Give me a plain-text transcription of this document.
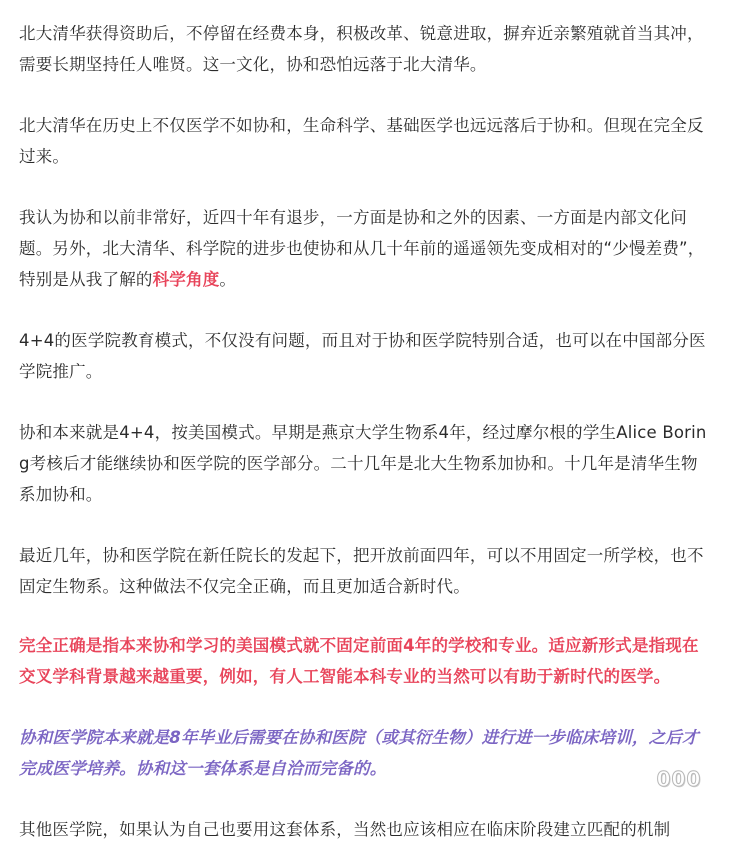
北大清华获得资助后，不停留在经费本身，积极改革、锐意进取，摒弃近亲繁殖就首当其冲，需要长期坚持任人唯贤。这一文化，协和恐怕远落于北大清华。

北大清华在历史上不仅医学不如协和，生命科学、基础医学也远远落后于协和。但现在完全反过来。

我认为协和以前非常好，近四十年有退步，一方面是协和之外的因素、一方面是内部文化问题。另外，北大清华、科学院的进步也使协和从几十年前的遥遥领先变成相对的“少慢差费”，特别是从我了解的科学角度。

4+4的医学院教育模式，不仅没有问题，而且对于协和医学院特别合适，也可以在中国部分医学院推广。

协和本来就是4+4，按美国模式。早期是燕京大学生物系4年，经过摩尔根的学生Alice Boring考核后才能继续协和医学院的医学部分。二十几年是北大生物系加协和。十几年是清华生物系加协和。

最近几年，协和医学院在新任院长的发起下，把开放前面四年，可以不用固定一所学校，也不固定生物系。这种做法不仅完全正确，而且更加适合新时代。

完全正确是指本来协和学习的美国模式就不固定前面4年的学校和专业。适应新形式是指现在交叉学科背景越来越重要，例如，有人工智能本科专业的当然可以有助于新时代的医学。

协和医学院本来就是8年毕业后需要在协和医院（或其衍生物）进行进一步临床培训，之后才完成医学培养。协和这一套体系是自洽而完备的。

其他医学院，如果认为自己也要用这套体系，当然也应该相应在临床阶段建立匹配的机制

000
